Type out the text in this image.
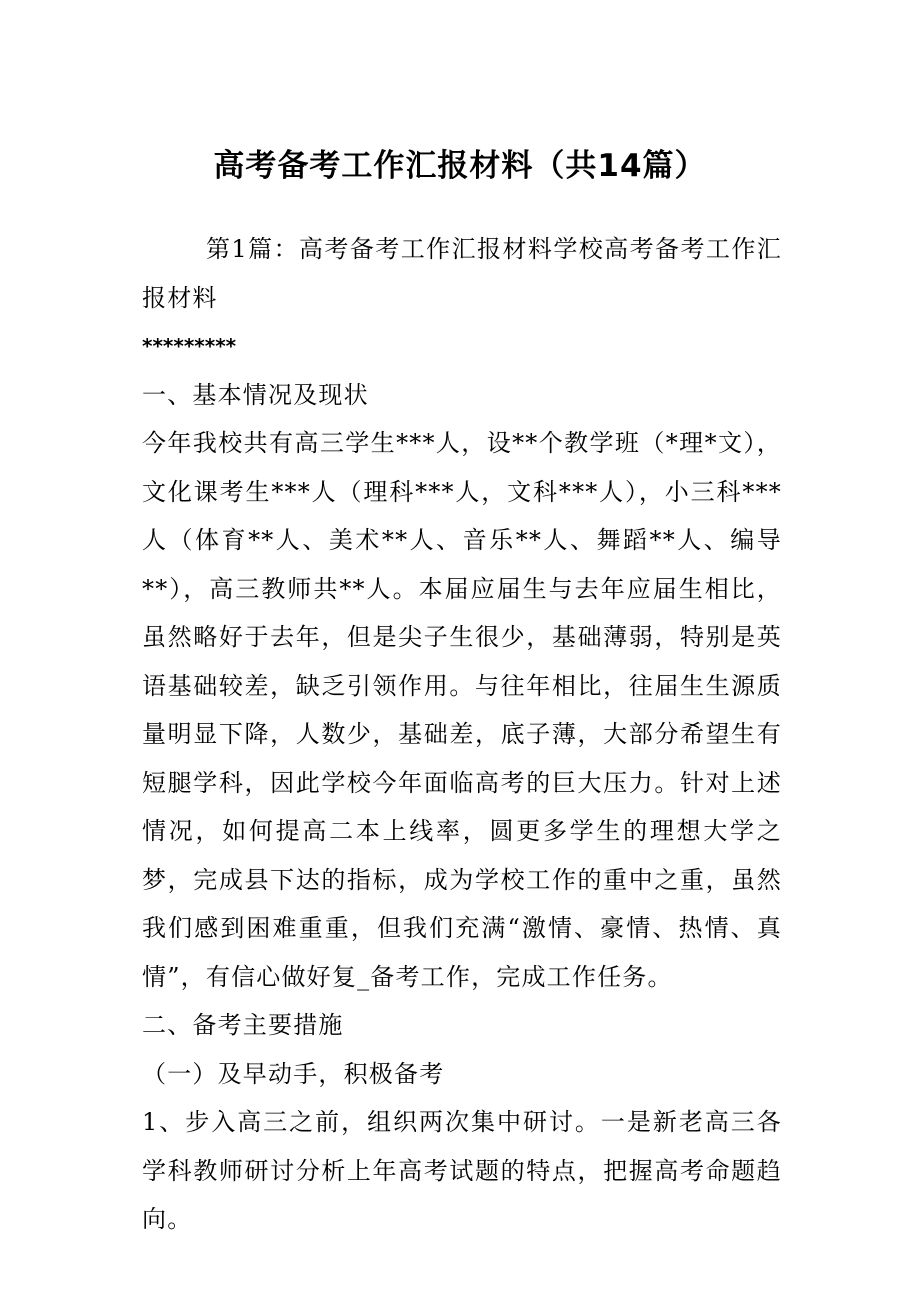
高考备考工作汇报材料（共14篇）

第1篇：高考备考工作汇报材料学校高考备考工作汇报材料

*********

一、基本情况及现状

今年我校共有高三学生***人，设**个教学班（*理*文），文化课考生***人（理科***人，文科***人），小三科***人（体育**人、美术**人、音乐**人、舞蹈**人、编导**），高三教师共**人。本届应届生与去年应届生相比，虽然略好于去年，但是尖子生很少，基础薄弱，特别是英语基础较差，缺乏引领作用。与往年相比，往届生生源质量明显下降，人数少，基础差，底子薄，大部分希望生有短腿学科，因此学校今年面临高考的巨大压力。针对上述情况，如何提高二本上线率，圆更多学生的理想大学之梦，完成县下达的指标，成为学校工作的重中之重，虽然我们感到困难重重，但我们充满“激情、豪情、热情、真情”，有信心做好复_备考工作，完成工作任务。

二、备考主要措施

（一）及早动手，积极备考

1、步入高三之前，组织两次集中研讨。一是新老高三各学科教师研讨分析上年高考试题的特点，把握高考命题趋向。
